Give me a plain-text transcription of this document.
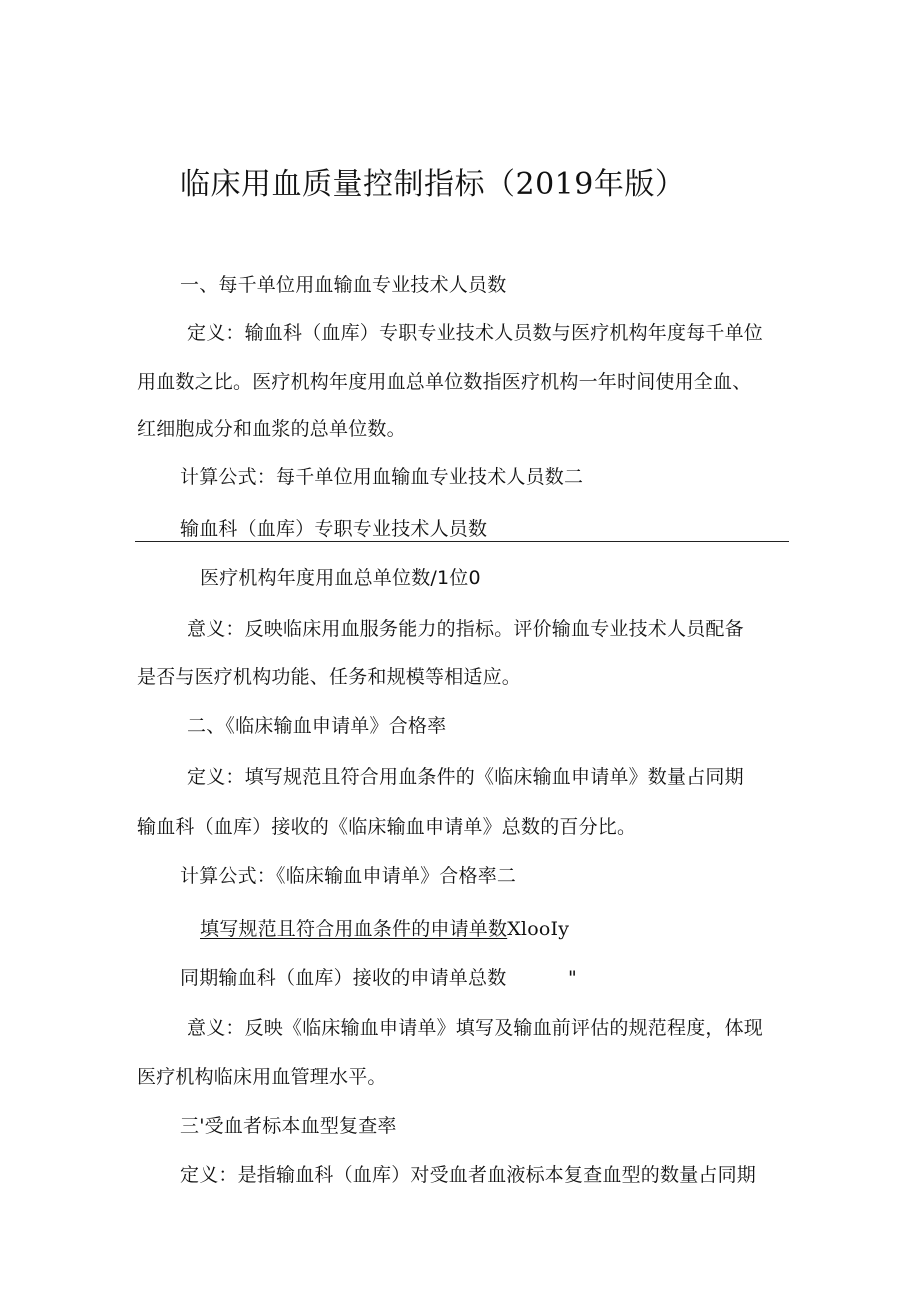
临床用血质量控制指标（2019年版）
一、每千单位用血输血专业技术人员数
定义：输血科（血库）专职专业技术人员数与医疗机构年度每千单位
用血数之比。医疗机构年度用血总单位数指医疗机构一年时间使用全血、
红细胞成分和血浆的总单位数。
计算公式：每千单位用血输血专业技术人员数二
输血科（血库）专职专业技术人员数
医疗机构年度用血总单位数/1位0
意义：反映临床用血服务能力的指标。评价输血专业技术人员配备
是否与医疗机构功能、任务和规模等相适应。
二、《临床输血申请单》合格率
定义：填写规范且符合用血条件的《临床输血申请单》数量占同期
输血科（血库）接收的《临床输血申请单》总数的百分比。
计算公式：《临床输血申请单》合格率二
填写规范且符合用血条件的申请单数XlooIy
同期输血科（血库）接收的申请单总数	"
意义：反映《临床输血申请单》填写及输血前评估的规范程度，体现
医疗机构临床用血管理水平。
三'受血者标本血型复查率
定义：是指输血科（血库）对受血者血液标本复查血型的数量占同期
